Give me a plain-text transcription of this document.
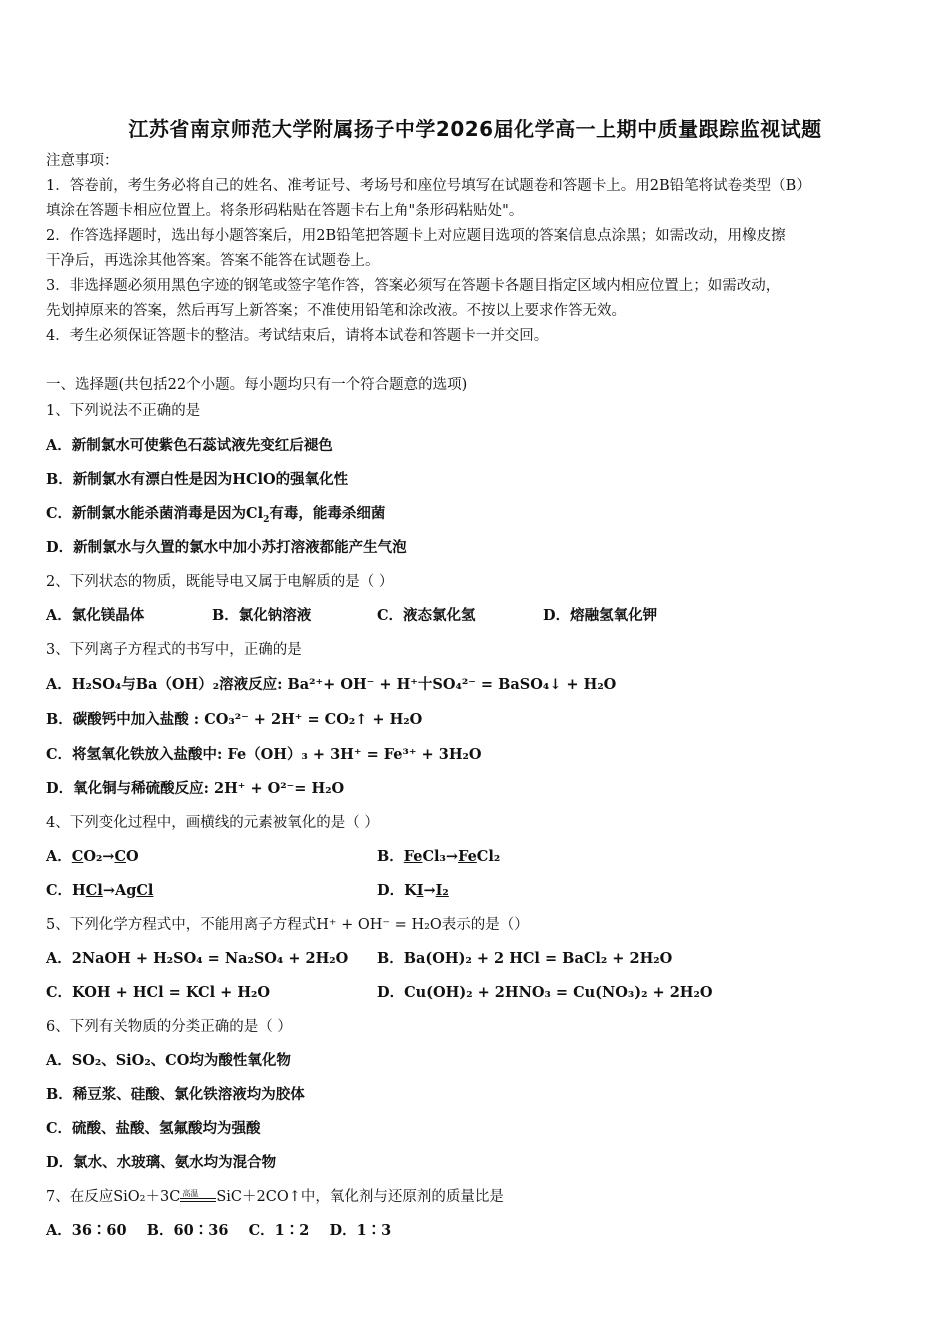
江苏省南京师范大学附属扬子中学2026届化学高一上期中质量跟踪监视试题
注意事项：
1．答卷前，考生务必将自己的姓名、准考证号、考场号和座位号填写在试题卷和答题卡上。用2B铅笔将试卷类型（B）
填涂在答题卡相应位置上。将条形码粘贴在答题卡右上角"条形码粘贴处"。
2．作答选择题时，选出每小题答案后，用2B铅笔把答题卡上对应题目选项的答案信息点涂黑；如需改动，用橡皮擦
干净后，再选涂其他答案。答案不能答在试题卷上。
3．非选择题必须用黑色字迹的钢笔或签字笔作答，答案必须写在答题卡各题目指定区域内相应位置上；如需改动，
先划掉原来的答案，然后再写上新答案；不准使用铅笔和涂改液。不按以上要求作答无效。
4．考生必须保证答题卡的整洁。考试结束后，请将本试卷和答题卡一并交回。
一、选择题(共包括22个小题。每小题均只有一个符合题意的选项)
1、下列说法不正确的是
A．新制氯水可使紫色石蕊试液先变红后褪色
B．新制氯水有漂白性是因为HClO的强氧化性
C．新制氯水能杀菌消毒是因为$Cl_2$有毒，能毒杀细菌
D．新制氯水与久置的氯水中加小苏打溶液都能产生气泡
2、下列状态的物质，既能导电又属于电解质的是（ ）
A．氯化镁晶体	B．氯化钠溶液	C．液态氯化氢	D．熔融氢氧化钾
3、下列离子方程式的书写中，正确的是
A．H₂SO₄与Ba（OH）₂溶液反应: Ba²⁺+ OH⁻ + H⁺十SO₄²⁻ = BaSO₄↓ + H₂O
B．碳酸钙中加入盐酸 : CO₃²⁻ + 2H⁺ = CO₂↑ + H₂O
C．将氢氧化铁放入盐酸中: Fe（OH）₃ + 3H⁺ = Fe³⁺ + 3H₂O
D．氧化铜与稀硫酸反应: 2H⁺ + O²⁻= H₂O
4、下列变化过程中，画横线的元素被氧化的是（ ）
A．CO₂→CO	B．FeCl₃→FeCl₂
C．HCl→AgCl	D．KI→I₂
5、下列化学方程式中，不能用离子方程式H⁺ + OH⁻ = H₂O表示的是（）
A．2NaOH + H₂SO₄ = Na₂SO₄ + 2H₂O B．Ba(OH)₂ + 2 HCl = BaCl₂ + 2H₂O
C．KOH + HCl = KCl + H₂O	D．Cu(OH)₂ + 2HNO₃ = Cu(NO₃)₂ + 2H₂O
6、下列有关物质的分类正确的是（ ）
A．SO₂、SiO₂、CO均为酸性氧化物
B．稀豆浆、硅酸、氯化铁溶液均为胶体
C．硫酸、盐酸、氢氟酸均为强酸
D．氯水、水玻璃、氨水均为混合物
7、在反应SiO₂＋3C 高温 SiC＋2CO↑中，氧化剂与还原剂的质量比是
A．36∶60    B．60∶36    C．1∶2    D．1∶3
